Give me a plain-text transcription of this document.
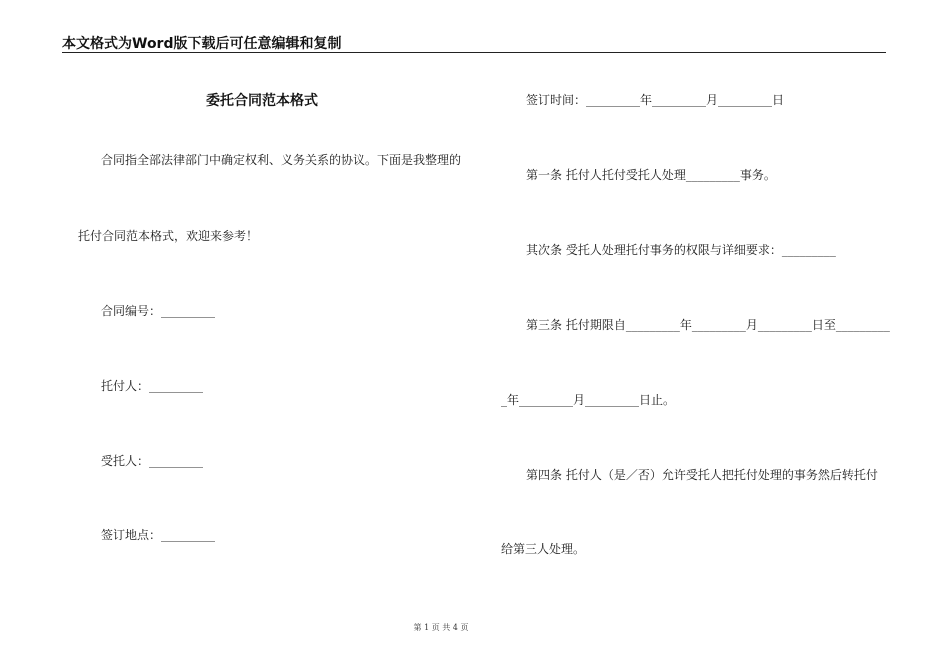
本文格式为Word版下载后可任意编辑和复制
委托合同范本格式
合同指全部法律部门中确定权利、义务关系的协议。下面是我整理的
托付合同范本格式，欢迎来参考！
合同编号：_________
托付人：_________
受托人：_________
签订地点：_________
签订时间：_________年_________月_________日
第一条 托付人托付受托人处理_________事务。
其次条 受托人处理托付事务的权限与详细要求：_________
第三条 托付期限自_________年_________月_________日至_________
_年_________月_________日止。
第四条 托付人（是／否）允许受托人把托付处理的事务然后转托付
给第三人处理。
第 1 页 共 4 页
